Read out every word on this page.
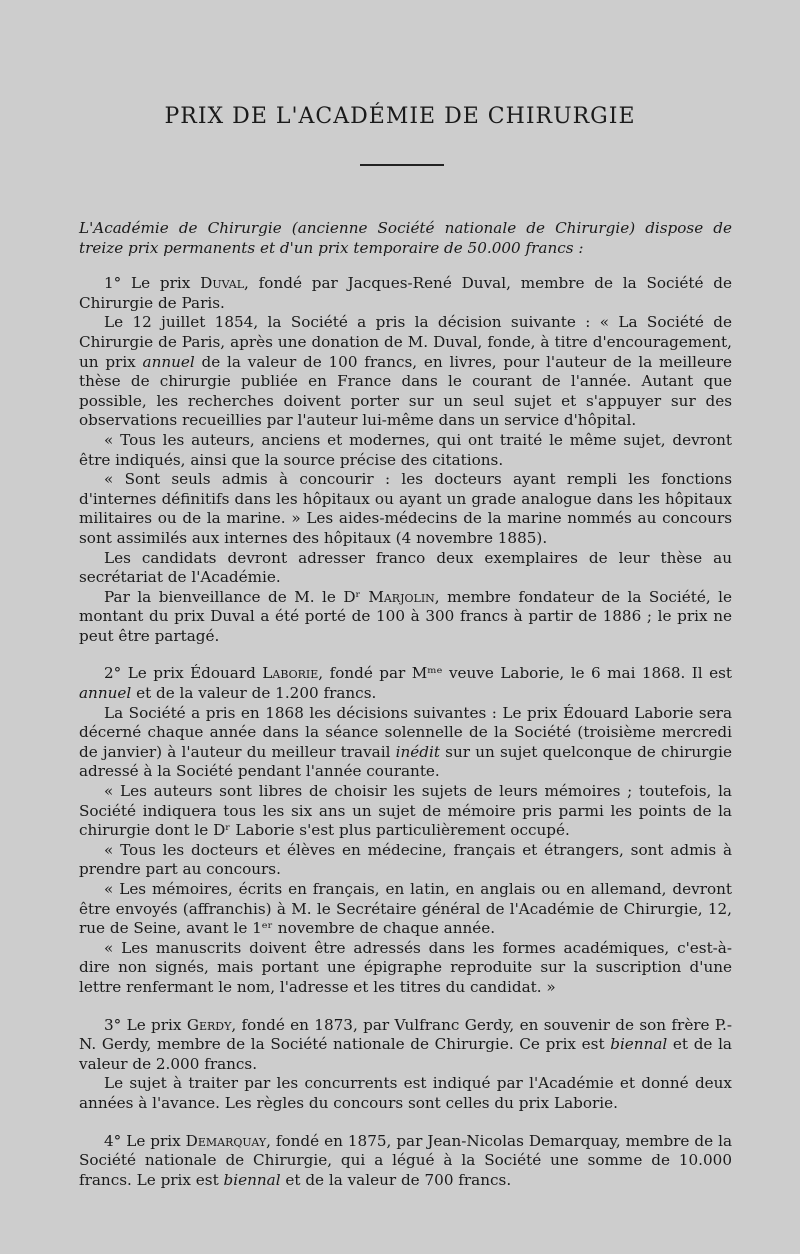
PRIX DE L'ACADÉMIE DE CHIRURGIE

L'Académie de Chirurgie (ancienne Société nationale de Chirurgie) dispose de treize prix permanents et d'un prix temporaire de 50.000 francs :

1° Le prix Duval, fondé par Jacques-René Duval, membre de la Société de Chirurgie de Paris.

Le 12 juillet 1854, la Société a pris la décision suivante : « La Société de Chirurgie de Paris, après une donation de M. Duval, fonde, à titre d'encouragement, un prix annuel de la valeur de 100 francs, en livres, pour l'auteur de la meilleure thèse de chirurgie publiée en France dans le courant de l'année. Autant que possible, les recherches doivent porter sur un seul sujet et s'appuyer sur des observations recueillies par l'auteur lui-même dans un service d'hôpital.

« Tous les auteurs, anciens et modernes, qui ont traité le même sujet, devront être indiqués, ainsi que la source précise des citations.

« Sont seuls admis à concourir : les docteurs ayant rempli les fonctions d'internes définitifs dans les hôpitaux ou ayant un grade analogue dans les hôpitaux militaires ou de la marine. » Les aides-médecins de la marine nommés au concours sont assimilés aux internes des hôpitaux (4 novembre 1885).

Les candidats devront adresser franco deux exemplaires de leur thèse au secrétariat de l'Académie.

Par la bienveillance de M. le Dʳ Marjolin, membre fondateur de la Société, le montant du prix Duval a été porté de 100 à 300 francs à partir de 1886 ; le prix ne peut être partagé.

2° Le prix Édouard Laborie, fondé par Mᵐᵉ veuve Laborie, le 6 mai 1868. Il est annuel et de la valeur de 1.200 francs.

La Société a pris en 1868 les décisions suivantes : Le prix Édouard Laborie sera décerné chaque année dans la séance solennelle de la Société (troisième mercredi de janvier) à l'auteur du meilleur travail inédit sur un sujet quelconque de chirurgie adressé à la Société pendant l'année courante.

« Les auteurs sont libres de choisir les sujets de leurs mémoires ; toutefois, la Société indiquera tous les six ans un sujet de mémoire pris parmi les points de la chirurgie dont le Dʳ Laborie s'est plus particulièrement occupé.

« Tous les docteurs et élèves en médecine, français et étrangers, sont admis à prendre part au concours.

« Les mémoires, écrits en français, en latin, en anglais ou en allemand, devront être envoyés (affranchis) à M. le Secrétaire général de l'Académie de Chirurgie, 12, rue de Seine, avant le 1ᵉʳ novembre de chaque année.

« Les manuscrits doivent être adressés dans les formes académiques, c'est-à-dire non signés, mais portant une épigraphe reproduite sur la suscription d'une lettre renfermant le nom, l'adresse et les titres du candidat. »

3° Le prix Gerdy, fondé en 1873, par Vulfranc Gerdy, en souvenir de son frère P.-N. Gerdy, membre de la Société nationale de Chirurgie. Ce prix est biennal et de la valeur de 2.000 francs.

Le sujet à traiter par les concurrents est indiqué par l'Académie et donné deux années à l'avance. Les règles du concours sont celles du prix Laborie.

4° Le prix Demarquay, fondé en 1875, par Jean-Nicolas Demarquay, membre de la Société nationale de Chirurgie, qui a légué à la Société une somme de 10.000 francs. Le prix est biennal et de la valeur de 700 francs.
